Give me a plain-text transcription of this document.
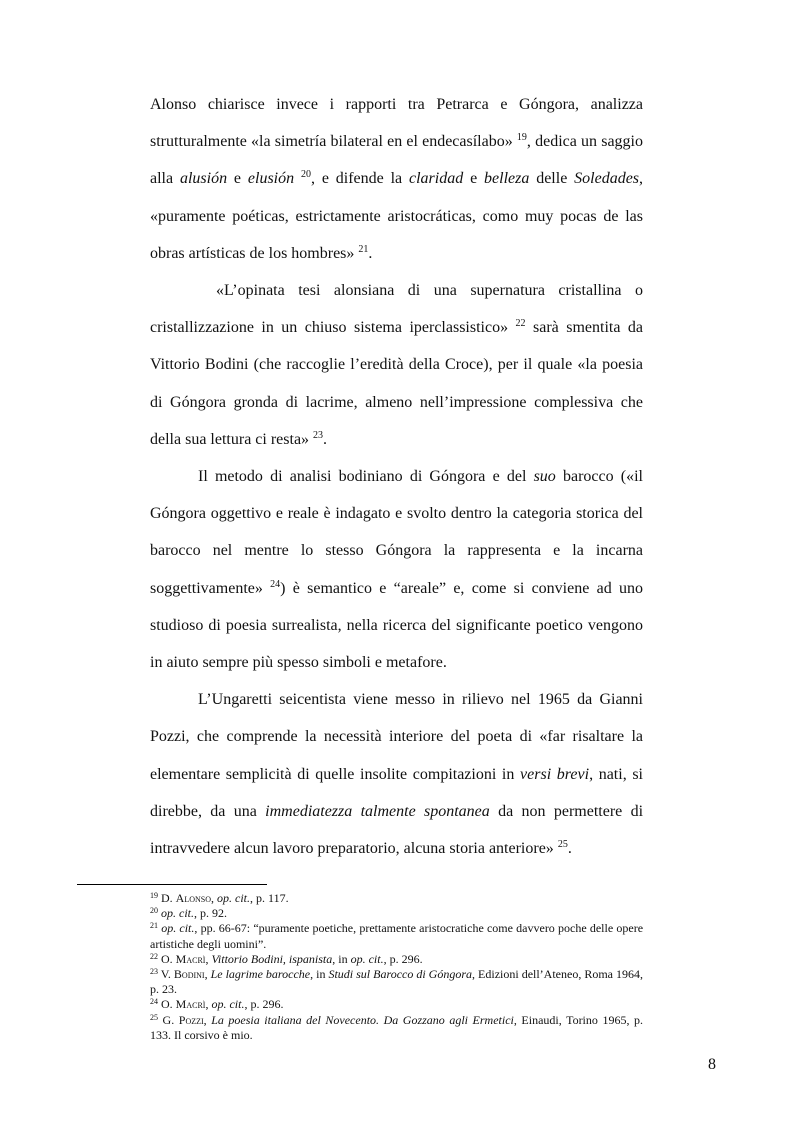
Alonso chiarisce invece i rapporti tra Petrarca e Góngora, analizza strutturalmente «la simetría bilateral en el endecasílabo» $^{19}$, dedica un saggio alla alusión e elusión $^{20}$, e difende la claridad e belleza delle Soledades, «puramente poéticas, estrictamente aristocráticas, como muy pocas de las obras artísticas de los hombres» $^{21}$.

«L’opinata tesi alonsiana di una supernatura cristallina o cristallizzazione in un chiuso sistema iperclassistico» $^{22}$ sarà smentita da Vittorio Bodini (che raccoglie l’eredità della Croce), per il quale «la poesia di Góngora gronda di lacrime, almeno nell’impressione complessiva che della sua lettura ci resta» $^{23}$.

Il metodo di analisi bodiniano di Góngora e del suo barocco («il Góngora oggettivo e reale è indagato e svolto dentro la categoria storica del barocco nel mentre lo stesso Góngora la rappresenta e la incarna soggettivamente» $^{24}$) è semantico e “areale” e, come si conviene ad uno studioso di poesia surrealista, nella ricerca del significante poetico vengono in aiuto sempre più spesso simboli e metafore.

L’Ungaretti seicentista viene messo in rilievo nel 1965 da Gianni Pozzi, che comprende la necessità interiore del poeta di «far risaltare la elementare semplicità di quelle insolite compitazioni in versi brevi, nati, si direbbe, da una immediatezza talmente spontanea da non permettere di intravvedere alcun lavoro preparatorio, alcuna storia anteriore» $^{25}$.

$^{19}$ D. Alonso, op. cit., p. 117.

$^{20}$ op. cit., p. 92.

$^{21}$ op. cit., pp. 66-67: “puramente poetiche, prettamente aristocratiche come davvero poche delle opere artistiche degli uomini”.

$^{22}$ O. Macrì, Vittorio Bodini, ispanista, in op. cit., p. 296.

$^{23}$ V. Bodini, Le lagrime barocche, in Studi sul Barocco di Góngora, Edizioni dell’Ateneo, Roma 1964, p. 23.

$^{24}$ O. Macrì, op. cit., p. 296.

$^{25}$ G. Pozzi, La poesia italiana del Novecento. Da Gozzano agli Ermetici, Einaudi, Torino 1965, p. 133. Il corsivo è mio.

8
